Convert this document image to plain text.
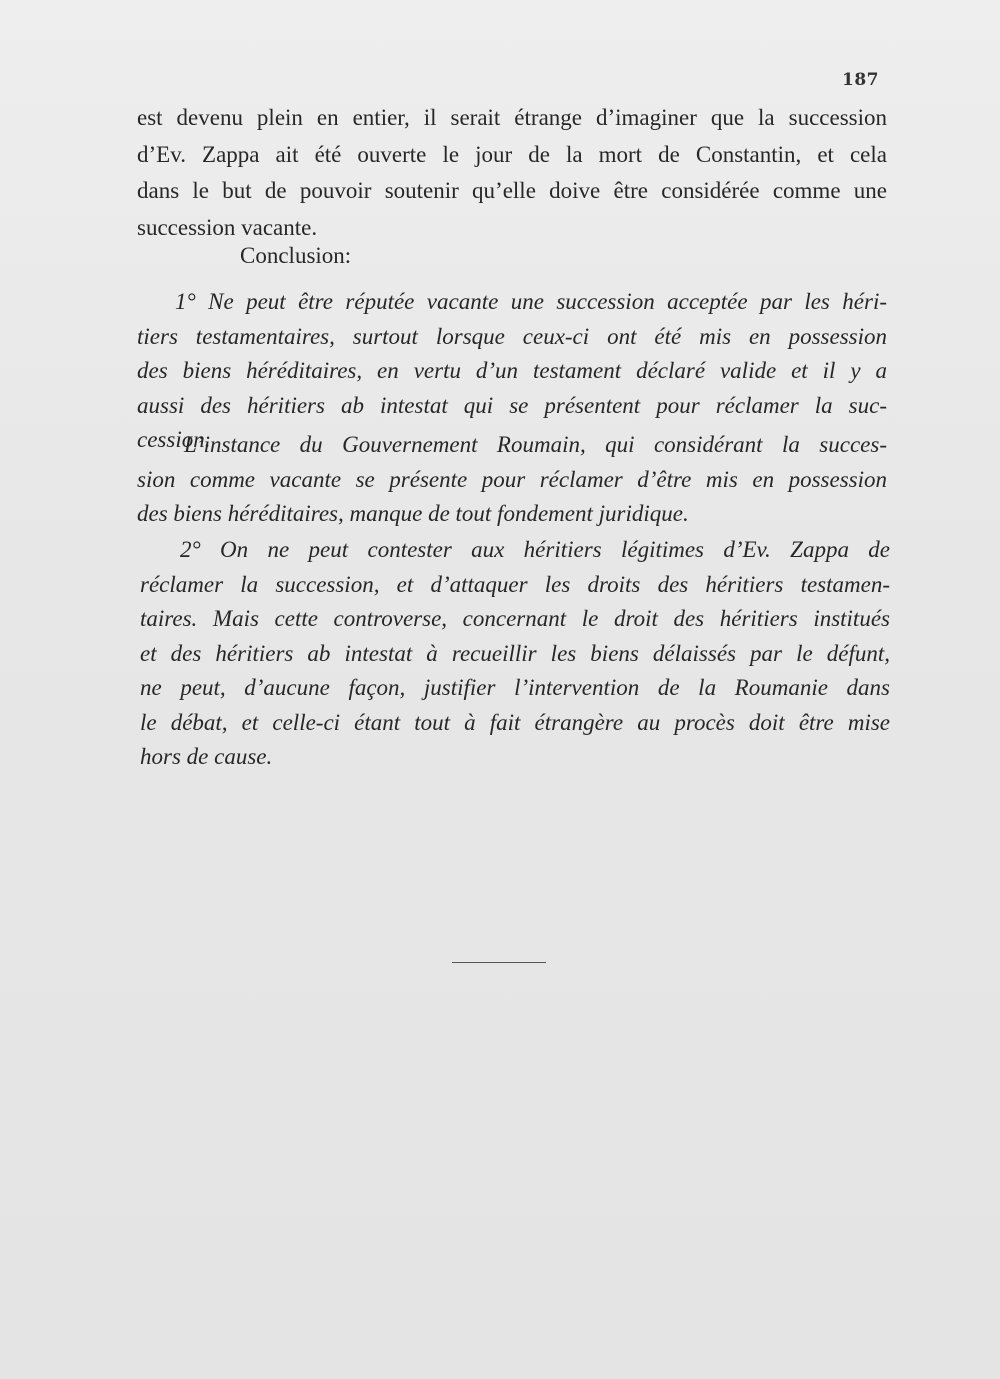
187
est devenu plein en entier, il serait étrange d’imaginer que la succession
d’Ev. Zappa ait été ouverte le jour de la mort de Constantin, et cela
dans le but de pouvoir soutenir qu’elle doive être considérée comme une
succession vacante.
Conclusion:
1° Ne peut être réputée vacante une succession acceptée par les héri-
tiers testamentaires, surtout lorsque ceux-ci ont été mis en possession
des biens héréditaires, en vertu d’un testament déclaré valide et il y a
aussi des héritiers ab intestat qui se présentent pour réclamer la suc-
cession.
L’instance du Gouvernement Roumain, qui considérant la succes-
sion comme vacante se présente pour réclamer d’être mis en possession
des biens héréditaires, manque de tout fondement juridique.
2° On ne peut contester aux héritiers légitimes d’Ev. Zappa de
réclamer la succession, et d’attaquer les droits des héritiers testamen-
taires. Mais cette controverse, concernant le droit des héritiers institués
et des héritiers ab intestat à recueillir les biens délaissés par le défunt,
ne peut, d’aucune façon, justifier l’intervention de la Roumanie dans
le débat, et celle-ci étant tout à fait étrangère au procès doit être mise
hors de cause.
